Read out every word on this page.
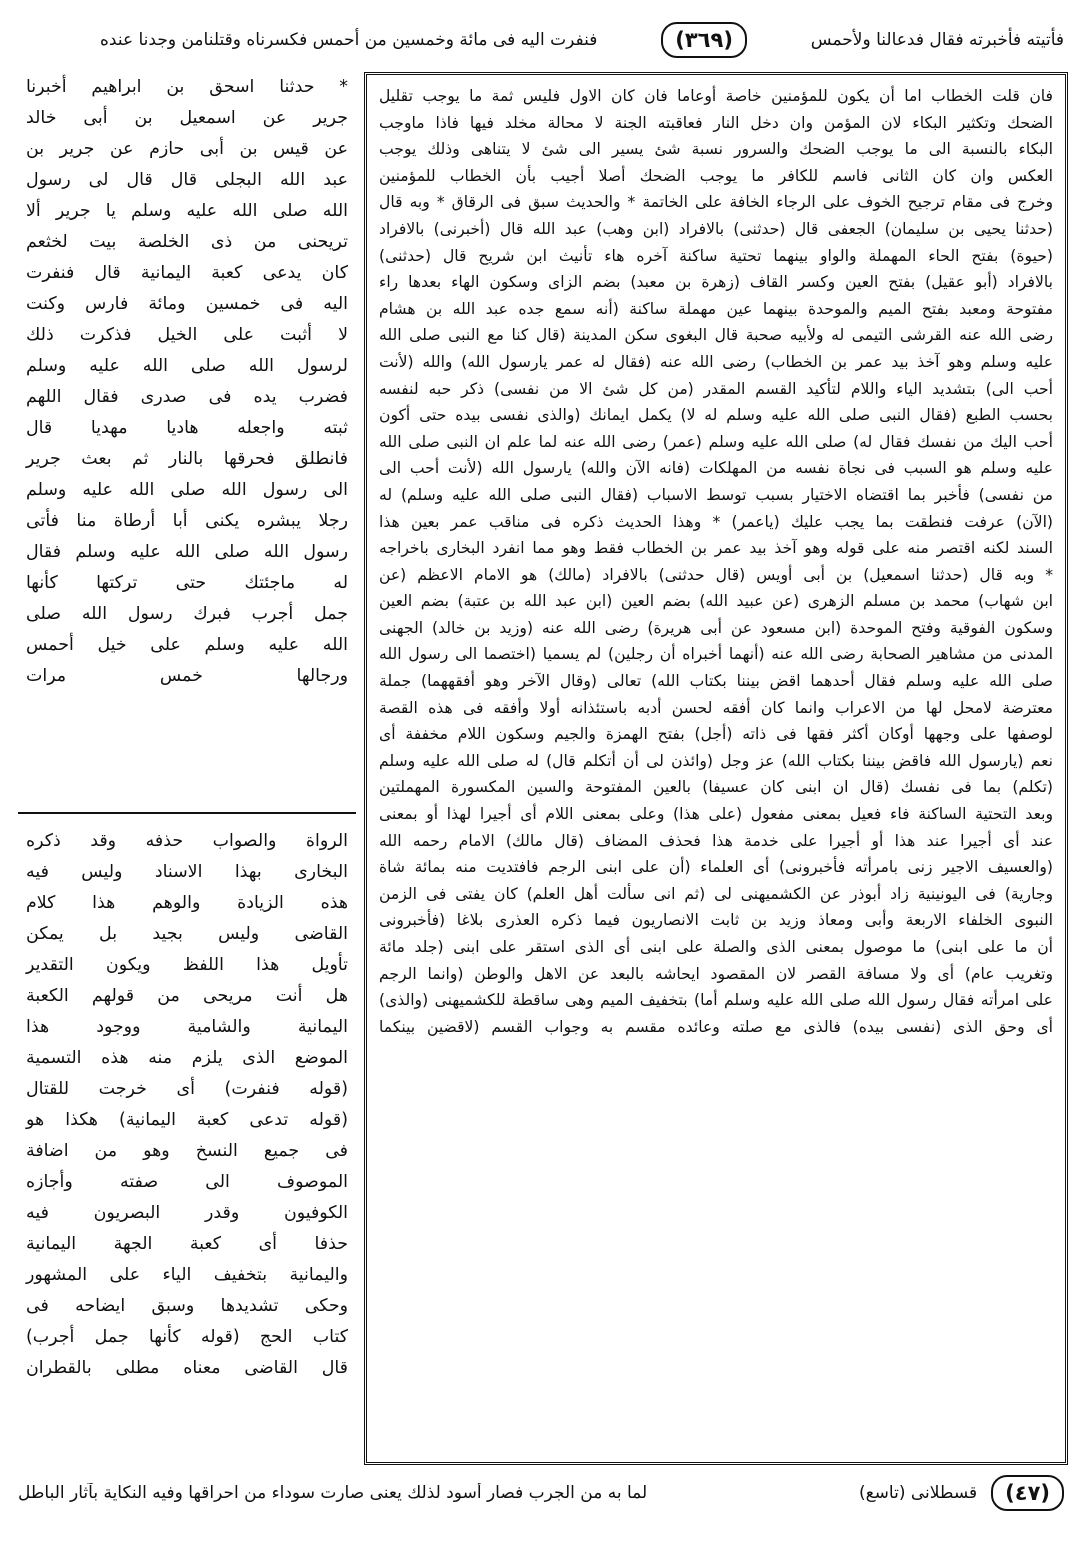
فنفرت اليه فى مائة وخمسين من أحمس فكسرناه وقتلنامن وجدنا عنده	(٣٦٩)	فأتيته فأخبرته فقال فدعالنا ولأحمس

فان قلت الخطاب اما أن يكون للمؤمنين خاصة أوعاما فان كان الاول فليس ثمة ما يوجب تقليل

الضحك وتكثير البكاء لان المؤمن وان دخل النار فعاقبته الجنة لا محالة مخلد فيها فاذا ماوجب

البكاء بالنسبة الى ما يوجب الضحك والسرور نسبة شئ يسير الى شئ لا يتناهى وذلك يوجب

العكس وان كان الثانى فاسم للكافر ما يوجب الضحك أصلا أجيب بأن الخطاب للمؤمنين

وخرج فى مقام ترجيح الخوف على الرجاء الخافة على الخاتمة * والحديث سبق فى الرقاق * وبه قال

(حدثنا يحيى بن سليمان) الجعفى قال (حدثنى) بالافراد (ابن وهب) عبد الله قال (أخبرنى) بالافراد

(حيوة) بفتح الحاء المهملة والواو بينهما تحتية ساكنة آخره هاء تأنيث ابن شريح قال (حدثنى)

بالافراد (أبو عقيل) بفتح العين وكسر القاف (زهرة بن معبد) بضم الزاى وسكون الهاء بعدها راء

مفتوحة ومعبد بفتح الميم والموحدة بينهما عين مهملة ساكنة (أنه سمع جده عبد الله بن هشام

رضى الله عنه القرشى التيمى له ولأبيه صحبة قال البغوى سكن المدينة (قال كنا مع النبى صلى الله

عليه وسلم وهو آخذ بيد عمر بن الخطاب) رضى الله عنه (فقال له عمر يارسول الله) والله (لأنت

أحب الى) بتشديد الياء واللام لتأكيد القسم المقدر (من كل شئ الا من نفسى) ذكر حبه لنفسه

بحسب الطبع (فقال النبى صلى الله عليه وسلم له لا) يكمل ايمانك (والذى نفسى بيده حتى أكون

أحب اليك من نفسك فقال له) صلى الله عليه وسلم (عمر) رضى الله عنه لما علم ان النبى صلى الله

عليه وسلم هو السبب فى نجاة نفسه من المهلكات (فانه الآن والله) يارسول الله (لأنت أحب الى

من نفسى) فأخبر بما اقتضاه الاختيار بسبب توسط الاسباب (فقال النبى صلى الله عليه وسلم) له

(الآن) عرفت فنطقت بما يجب عليك (ياعمر) * وهذا الحديث ذكره فى مناقب عمر بعين هذا

السند لكنه اقتصر منه على قوله وهو آخذ بيد عمر بن الخطاب فقط وهو مما انفرد البخارى باخراجه

* وبه قال (حدثنا اسمعيل) بن أبى أويس (قال حدثنى) بالافراد (مالك) هو الامام الاعظم (عن

ابن شهاب) محمد بن مسلم الزهرى (عن عبيد الله) بضم العين (ابن عبد الله بن عتبة) بضم العين

وسكون الفوقية وفتح الموحدة (ابن مسعود عن أبى هريرة) رضى الله عنه (وزيد بن خالد) الجهنى

المدنى من مشاهير الصحابة رضى الله عنه (أنهما أخبراه أن رجلين) لم يسميا (اختصما الى رسول الله

صلى الله عليه وسلم فقال أحدهما اقض بيننا بكتاب الله) تعالى (وقال الآخر وهو أفقههما) جملة

معترضة لامحل لها من الاعراب وانما كان أفقه لحسن أدبه باستئذانه أولا وأفقه فى هذه القصة

لوصفها على وجهها أوكان أكثر فقها فى ذاته (أجل) بفتح الهمزة والجيم وسكون اللام مخففة أى

نعم (يارسول الله فاقض بيننا بكتاب الله) عز وجل (وائذن لى أن أتكلم قال) له صلى الله عليه وسلم

(تكلم) بما فى نفسك (قال ان ابنى كان عسيفا) بالعين المفتوحة والسين المكسورة المهملتين

وبعد التحتية الساكنة فاء فعيل بمعنى مفعول (على هذا) وعلى بمعنى اللام أى أجيرا لهذا أو بمعنى

عند أى أجيرا عند هذا أو أجيرا على خدمة هذا فحذف المضاف (قال مالك) الامام رحمه الله

(والعسيف الاجير زنى بامرأته فأخبرونى) أى العلماء (أن على ابنى الرجم فافتديت منه بمائة شاة

وجارية) فى اليونينية زاد أبوذر عن الكشميهنى لى (ثم انى سألت أهل العلم) كان يفتى فى الزمن

النبوى الخلفاء الاربعة وأبى ومعاذ وزيد بن ثابت الانصاريون فيما ذكره العذرى بلاغا (فأخبرونى

أن ما على ابنى) ما موصول بمعنى الذى والصلة على ابنى أى الذى استقر على ابنى (جلد مائة

وتغريب عام) أى ولا مسافة القصر لان المقصود ايحاشه بالبعد عن الاهل والوطن (وانما الرجم

على امرأته فقال رسول الله صلى الله عليه وسلم أما) بتخفيف الميم وهى ساقطة للكشميهنى (والذى)

أى وحق الذى (نفسى بيده) فالذى مع صلته وعائده مقسم به وجواب القسم (لاقضين بينكما

* حدثنا اسحق بن ابراهيم أخبرنا

جرير عن اسمعيل بن أبى خالد

عن قيس بن أبى حازم عن جرير بن

عبد الله البجلى قال قال لى رسول

الله صلى الله عليه وسلم يا جرير ألا

تريحنى من ذى الخلصة بيت لخثعم

كان يدعى كعبة اليمانية قال فنفرت

اليه فى خمسين ومائة فارس وكنت

لا أثبت على الخيل فذكرت ذلك

لرسول الله صلى الله عليه وسلم

فضرب يده فى صدرى فقال اللهم

ثبته واجعله هاديا مهديا قال

فانطلق فحرقها بالنار ثم بعث جرير

الى رسول الله صلى الله عليه وسلم

رجلا يبشره يكنى أبا أرطاة منا فأتى

رسول الله صلى الله عليه وسلم فقال

له ماجئتك حتى تركتها كأنها

جمل أجرب فبرك رسول الله صلى

الله عليه وسلم على خيل أحمس

ورجالها خمس مرات

الرواة والصواب حذفه وقد ذكره

البخارى بهذا الاسناد وليس فيه

هذه الزيادة والوهم هذا كلام

القاضى وليس بجيد بل يمكن

تأويل هذا اللفظ ويكون التقدير

هل أنت مريحى من قولهم الكعبة

اليمانية والشامية ووجود هذا

الموضع الذى يلزم منه هذه التسمية

(قوله فنفرت) أى خرجت للقتال

(قوله تدعى كعبة اليمانية) هكذا هو

فى جميع النسخ وهو من اضافة

الموصوف الى صفته وأجازه

الكوفيون وقدر البصريون فيه

حذفا أى كعبة الجهة اليمانية

واليمانية بتخفيف الياء على المشهور

وحكى تشديدها وسبق ايضاحه فى

كتاب الحج (قوله كأنها جمل أجرب)

قال القاضى معناه مطلى بالقطران

(٤٧)
قسطلانى (تاسع)
لما به من الجرب فصار أسود لذلك يعنى صارت سوداء من احراقها وفيه النكاية بآثار الباطل
